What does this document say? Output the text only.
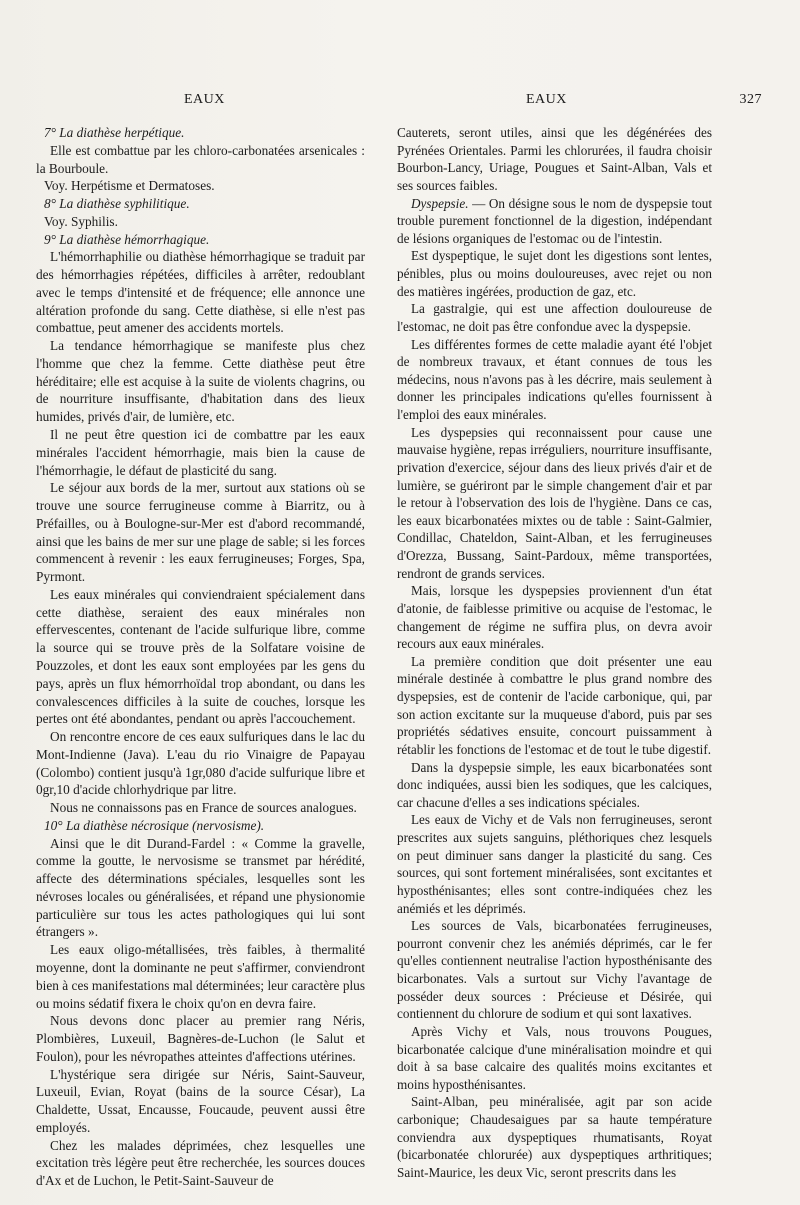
EAUX	EAUX	327

7° La diathèse herpétique.

Elle est combattue par les chloro-carbonatées arsenicales : la Bourboule.

Voy. Herpétisme et Dermatoses.

8° La diathèse syphilitique.

Voy. Syphilis.

9° La diathèse hémorrhagique.

L'hémorrhaphilie ou diathèse hémorrhagique se traduit par des hémorrhagies répétées, difficiles à arrêter, redoublant avec le temps d'intensité et de fréquence; elle annonce une altération profonde du sang. Cette diathèse, si elle n'est pas combattue, peut amener des accidents mortels.

La tendance hémorrhagique se manifeste plus chez l'homme que chez la femme. Cette diathèse peut être héréditaire; elle est acquise à la suite de violents chagrins, ou de nourriture insuffisante, d'habitation dans des lieux humides, privés d'air, de lumière, etc.

Il ne peut être question ici de combattre par les eaux minérales l'accident hémorrhagie, mais bien la cause de l'hémorrhagie, le défaut de plasticité du sang.

Le séjour aux bords de la mer, surtout aux stations où se trouve une source ferrugineuse comme à Biarritz, ou à Préfailles, ou à Boulogne-sur-Mer est d'abord recommandé, ainsi que les bains de mer sur une plage de sable; si les forces commencent à revenir : les eaux ferrugineuses; Forges, Spa, Pyrmont.

Les eaux minérales qui conviendraient spécialement dans cette diathèse, seraient des eaux minérales non effervescentes, contenant de l'acide sulfurique libre, comme la source qui se trouve près de la Solfatare voisine de Pouzzoles, et dont les eaux sont employées par les gens du pays, après un flux hémorrhoïdal trop abondant, ou dans les convalescences difficiles à la suite de couches, lorsque les pertes ont été abondantes, pendant ou après l'accouchement.

On rencontre encore de ces eaux sulfuriques dans le lac du Mont-Indienne (Java). L'eau du rio Vinaigre de Papayau (Colombo) contient jusqu'à 1gr,080 d'acide sulfurique libre et 0gr,10 d'acide chlorhydrique par litre.

Nous ne connaissons pas en France de sources analogues.

10° La diathèse nécrosique (nervosisme).

Ainsi que le dit Durand-Fardel : « Comme la gravelle, comme la goutte, le nervosisme se transmet par hérédité, affecte des déterminations spéciales, lesquelles sont les névroses locales ou généralisées, et répand une physionomie particulière sur tous les actes pathologiques qui lui sont étrangers ».

Les eaux oligo-métallisées, très faibles, à thermalité moyenne, dont la dominante ne peut s'affirmer, conviendront bien à ces manifestations mal déterminées; leur caractère plus ou moins sédatif fixera le choix qu'on en devra faire.

Nous devons donc placer au premier rang Néris, Plombières, Luxeuil, Bagnères-de-Luchon (le Salut et Foulon), pour les névropathes atteintes d'affections utérines.

L'hystérique sera dirigée sur Néris, Saint-Sauveur, Luxeuil, Evian, Royat (bains de la source César), La Chaldette, Ussat, Encausse, Foucaude, peuvent aussi être employés.

Chez les malades déprimées, chez lesquelles une excitation très légère peut être recherchée, les sources douces d'Ax et de Luchon, le Petit-Saint-Sauveur de

Cauterets, seront utiles, ainsi que les dégénérées des Pyrénées Orientales. Parmi les chlorurées, il faudra choisir Bourbon-Lancy, Uriage, Pougues et Saint-Alban, Vals et ses sources faibles.

Dyspepsie. — On désigne sous le nom de dyspepsie tout trouble purement fonctionnel de la digestion, indépendant de lésions organiques de l'estomac ou de l'intestin.

Est dyspeptique, le sujet dont les digestions sont lentes, pénibles, plus ou moins douloureuses, avec rejet ou non des matières ingérées, production de gaz, etc.

La gastralgie, qui est une affection douloureuse de l'estomac, ne doit pas être confondue avec la dyspepsie.

Les différentes formes de cette maladie ayant été l'objet de nombreux travaux, et étant connues de tous les médecins, nous n'avons pas à les décrire, mais seulement à donner les principales indications qu'elles fournissent à l'emploi des eaux minérales.

Les dyspepsies qui reconnaissent pour cause une mauvaise hygiène, repas irréguliers, nourriture insuffisante, privation d'exercice, séjour dans des lieux privés d'air et de lumière, se guériront par le simple changement d'air et par le retour à l'observation des lois de l'hygiène. Dans ce cas, les eaux bicarbonatées mixtes ou de table : Saint-Galmier, Condillac, Chateldon, Saint-Alban, et les ferrugineuses d'Orezza, Bussang, Saint-Pardoux, même transportées, rendront de grands services.

Mais, lorsque les dyspepsies proviennent d'un état d'atonie, de faiblesse primitive ou acquise de l'estomac, le changement de régime ne suffira plus, on devra avoir recours aux eaux minérales.

La première condition que doit présenter une eau minérale destinée à combattre le plus grand nombre des dyspepsies, est de contenir de l'acide carbonique, qui, par son action excitante sur la muqueuse d'abord, puis par ses propriétés sédatives ensuite, concourt puissamment à rétablir les fonctions de l'estomac et de tout le tube digestif.

Dans la dyspepsie simple, les eaux bicarbonatées sont donc indiquées, aussi bien les sodiques, que les calciques, car chacune d'elles a ses indications spéciales.

Les eaux de Vichy et de Vals non ferrugineuses, seront prescrites aux sujets sanguins, pléthoriques chez lesquels on peut diminuer sans danger la plasticité du sang. Ces sources, qui sont fortement minéralisées, sont excitantes et hyposthénisantes; elles sont contre-indiquées chez les anémiés et les déprimés.

Les sources de Vals, bicarbonatées ferrugineuses, pourront convenir chez les anémiés déprimés, car le fer qu'elles contiennent neutralise l'action hyposthénisante des bicarbonates. Vals a surtout sur Vichy l'avantage de posséder deux sources : Précieuse et Désirée, qui contiennent du chlorure de sodium et qui sont laxatives.

Après Vichy et Vals, nous trouvons Pougues, bicarbonatée calcique d'une minéralisation moindre et qui doit à sa base calcaire des qualités moins excitantes et moins hyposthénisantes.

Saint-Alban, peu minéralisée, agit par son acide carbonique; Chaudesaigues par sa haute température conviendra aux dyspeptiques rhumatisants, Royat (bicarbonatée chlorurée) aux dyspeptiques arthritiques; Saint-Maurice, les deux Vic, seront prescrits dans les
